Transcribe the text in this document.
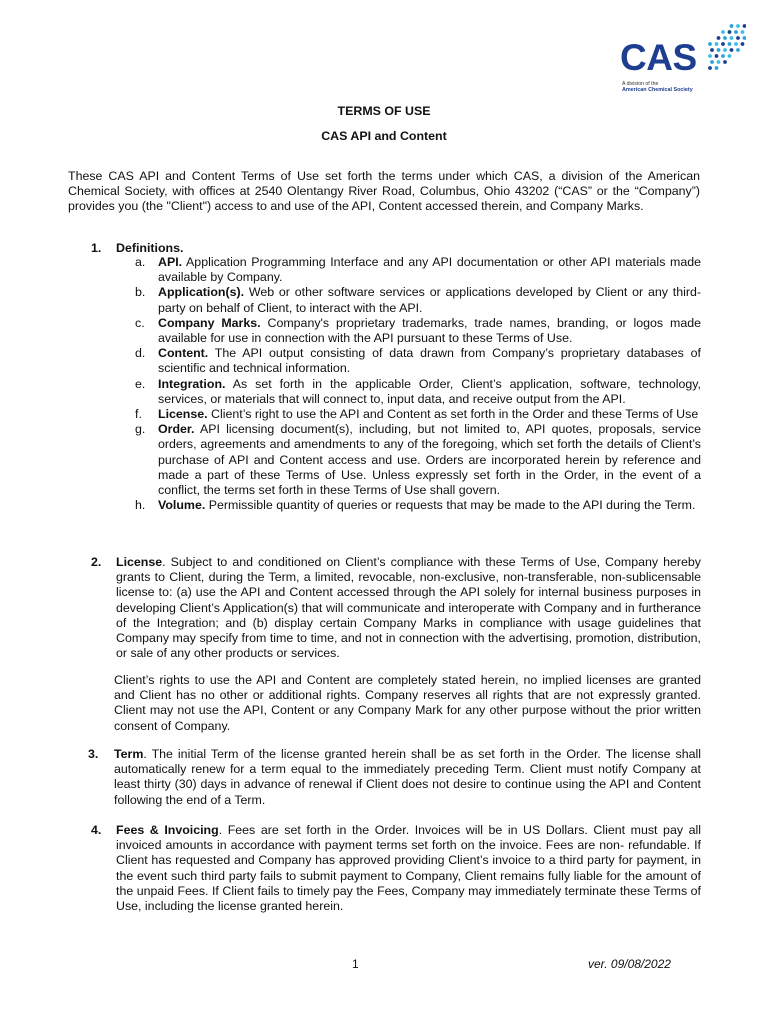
CAS
A division of the
American Chemical Society
TERMS OF USE
CAS API and Content
These CAS API and Content Terms of Use set forth the terms under which CAS, a division of the American Chemical Society, with offices at 2540 Olentangy River Road, Columbus, Ohio 43202 (“CAS” or the “Company”) provides you (the "Client") access to and use of the API, Content accessed therein, and Company Marks.
1. Definitions.
a. API. Application Programming Interface and any API documentation or other API materials made available by Company.
b. Application(s). Web or other software services or applications developed by Client or any third-party on behalf of Client, to interact with the API.
c. Company Marks. Company's proprietary trademarks, trade names, branding, or logos made available for use in connection with the API pursuant to these Terms of Use.
d. Content. The API output consisting of data drawn from Company’s proprietary databases of scientific and technical information.
e. Integration. As set forth in the applicable Order, Client’s application, software, technology, services, or materials that will connect to, input data, and receive output from the API.
f. License. Client’s right to use the API and Content as set forth in the Order and these Terms of Use
g. Order. API licensing document(s), including, but not limited to, API quotes, proposals, service orders, agreements and amendments to any of the foregoing, which set forth the details of Client’s purchase of API and Content access and use. Orders are incorporated herein by reference and made a part of these Terms of Use. Unless expressly set forth in the Order, in the event of a conflict, the terms set forth in these Terms of Use shall govern.
h. Volume. Permissible quantity of queries or requests that may be made to the API during the Term.
2. License. Subject to and conditioned on Client’s compliance with these Terms of Use, Company hereby grants to Client, during the Term, a limited, revocable, non-exclusive, non-transferable, non-sublicensable license to: (a) use the API and Content accessed through the API solely for internal business purposes in developing Client’s Application(s) that will communicate and interoperate with Company and in furtherance of the Integration; and (b) display certain Company Marks in compliance with usage guidelines that Company may specify from time to time, and not in connection with the advertising, promotion, distribution, or sale of any other products or services.
Client’s rights to use the API and Content are completely stated herein, no implied licenses are granted and Client has no other or additional rights. Company reserves all rights that are not expressly granted. Client may not use the API, Content or any Company Mark for any other purpose without the prior written consent of Company.
3. Term. The initial Term of the license granted herein shall be as set forth in the Order. The license shall automatically renew for a term equal to the immediately preceding Term. Client must notify Company at least thirty (30) days in advance of renewal if Client does not desire to continue using the API and Content following the end of a Term.
4. Fees & Invoicing. Fees are set forth in the Order. Invoices will be in US Dollars. Client must pay all invoiced amounts in accordance with payment terms set forth on the invoice. Fees are non- refundable. If Client has requested and Company has approved providing Client’s invoice to a third party for payment, in the event such third party fails to submit payment to Company, Client remains fully liable for the amount of the unpaid Fees. If Client fails to timely pay the Fees, Company may immediately terminate these Terms of Use, including the license granted herein.
1	ver. 09/08/2022
